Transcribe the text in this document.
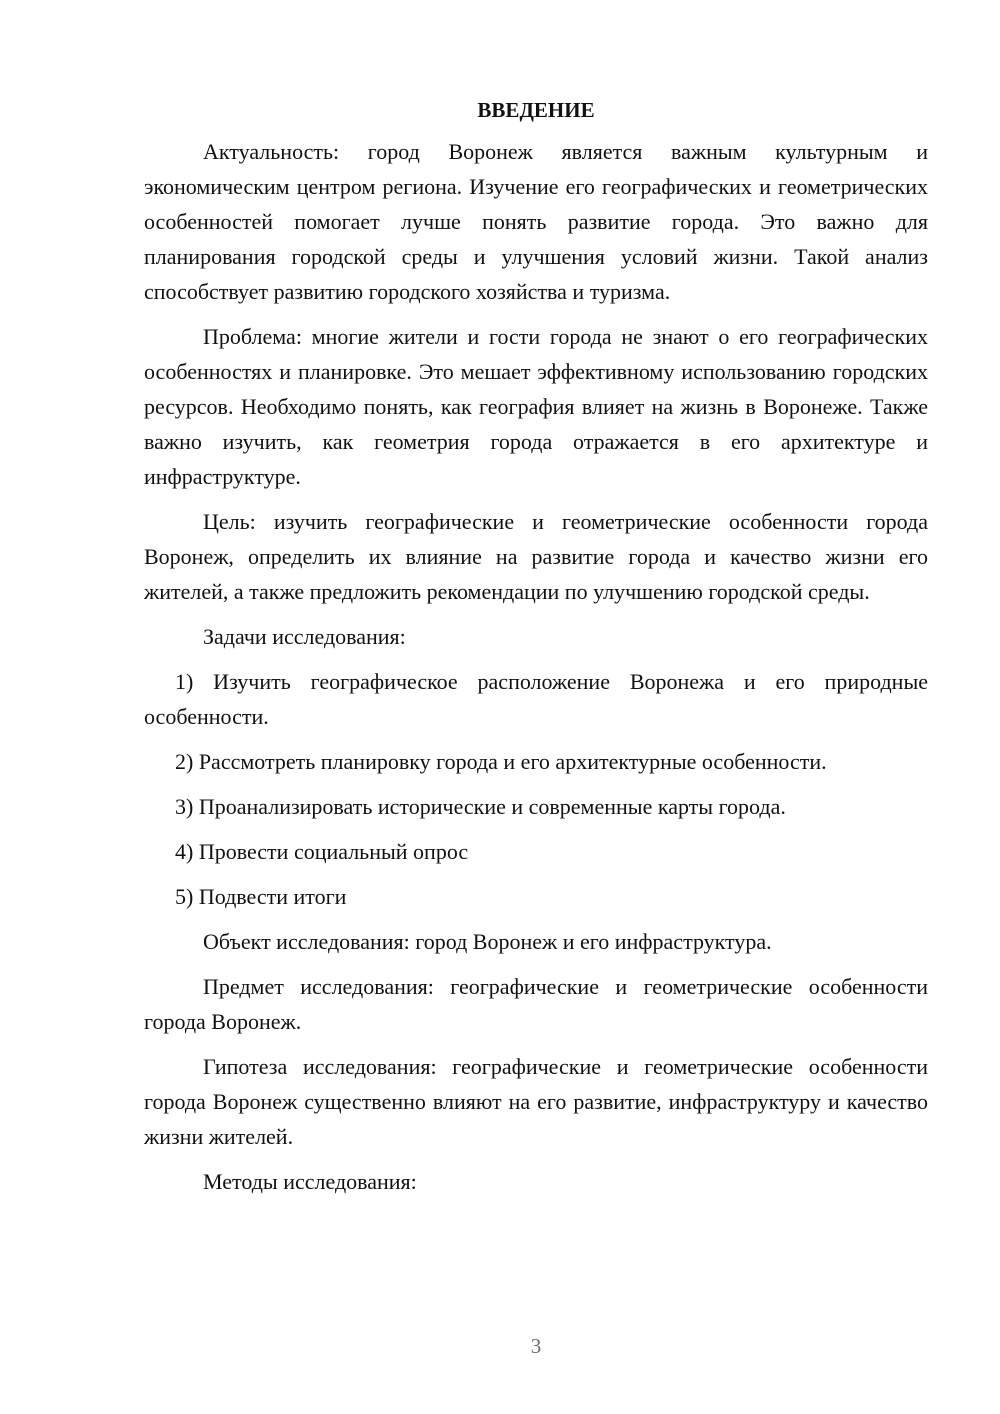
ВВЕДЕНИЕ

Актуальность: город Воронеж является важным культурным и экономическим центром региона. Изучение его географических и геометрических особенностей помогает лучше понять развитие города. Это важно для планирования городской среды и улучшения условий жизни. Такой анализ способствует развитию городского хозяйства и туризма.

Проблема: многие жители и гости города не знают о его географических особенностях и планировке. Это мешает эффективному использованию городских ресурсов. Необходимо понять, как география влияет на жизнь в Воронеже. Также важно изучить, как геометрия города отражается в его архитектуре и инфраструктуре.

Цель: изучить географические и геометрические особенности города Воронеж, определить их влияние на развитие города и качество жизни его жителей, а также предложить рекомендации по улучшению городской среды.

Задачи исследования:

1) Изучить географическое расположение Воронежа и его природные особенности.

2) Рассмотреть планировку города и его архитектурные особенности.

3) Проанализировать исторические и современные карты города.

4) Провести социальный опрос

5) Подвести итоги

Объект исследования: город Воронеж и его инфраструктура.

Предмет исследования: географические и геометрические особенности города Воронеж.

Гипотеза исследования: географические и геометрические особенности города Воронеж существенно влияют на его развитие, инфраструктуру и качество жизни жителей.

Методы исследования:

3
